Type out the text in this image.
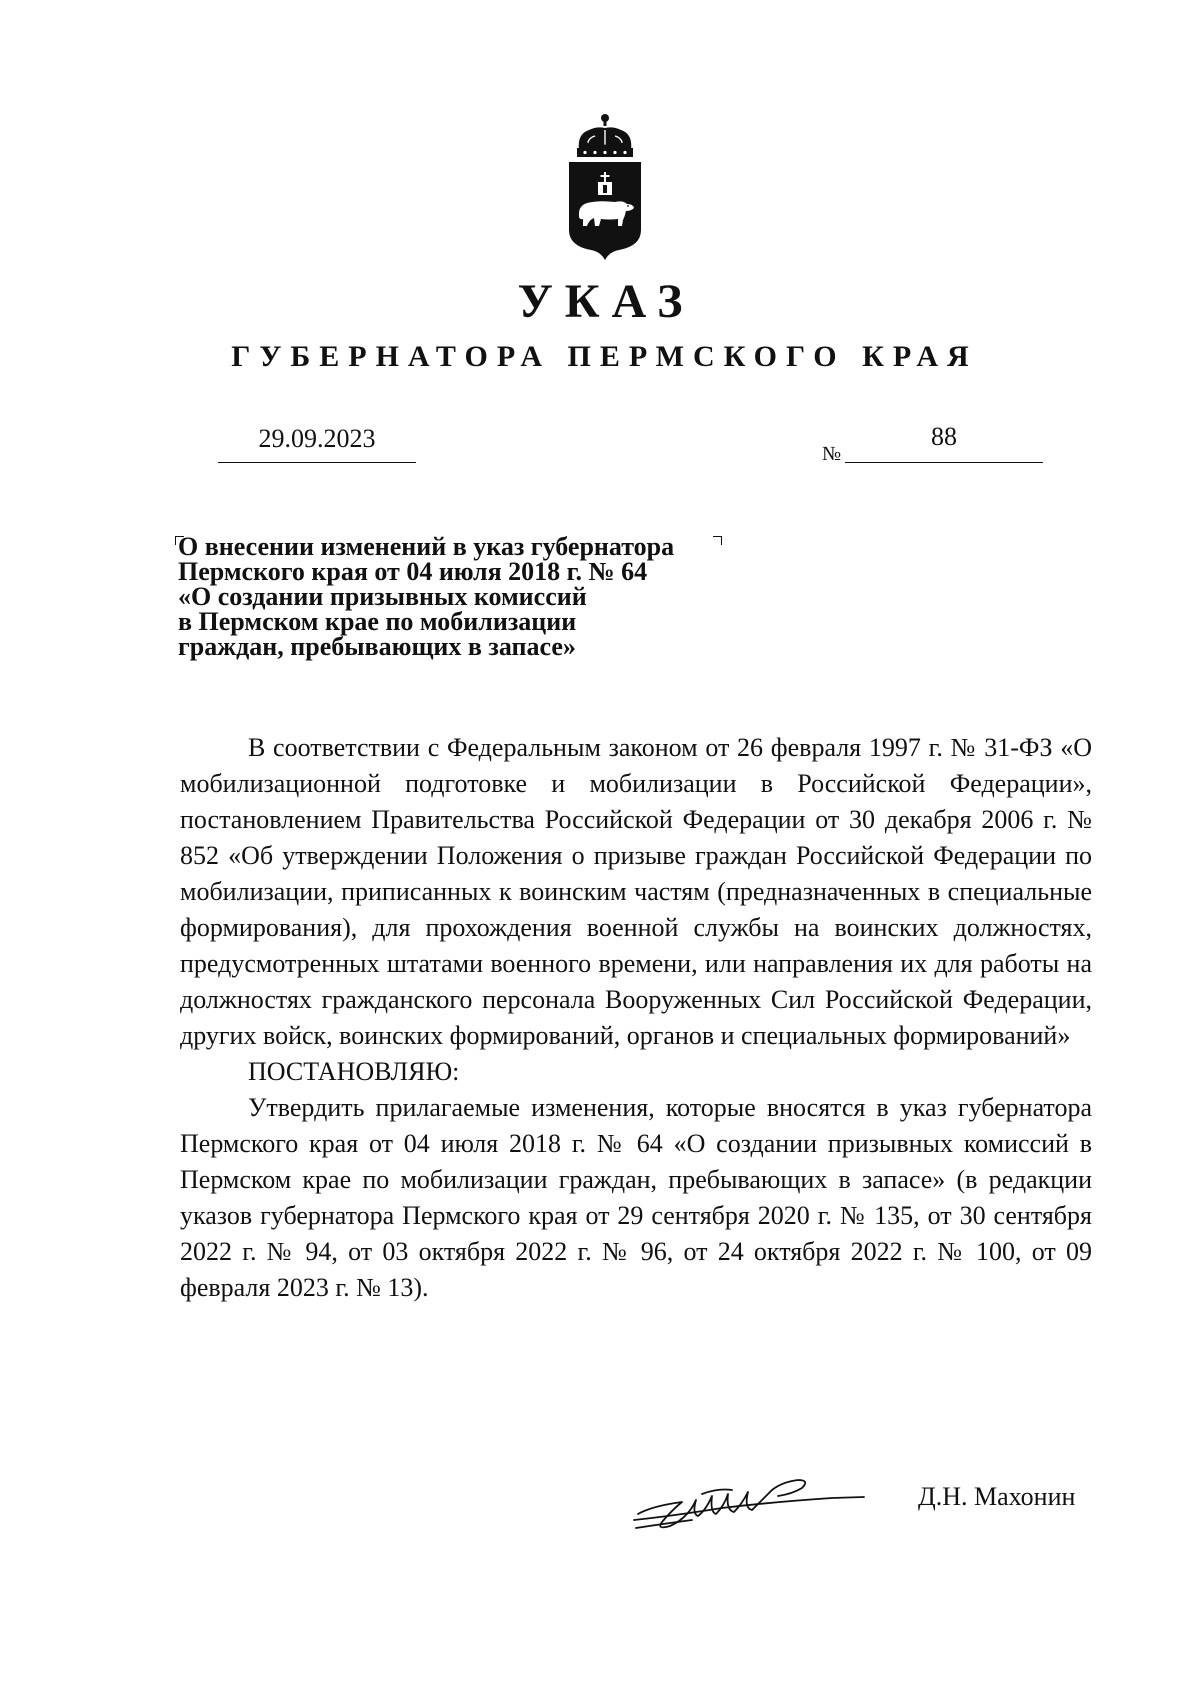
УКАЗ
ГУБЕРНАТОРА ПЕРМСКОГО КРАЯ
29.09.2023
№
88
О внесении изменений в указ губернатора
Пермского края от 04 июля 2018 г. № 64
«О создании призывных комиссий
в Пермском крае по мобилизации
граждан, пребывающих в запасе»

В соответствии с Федеральным законом от 26 февраля 1997 г. № 31-ФЗ «О мобилизационной подготовке и мобилизации в Российской Федерации», постановлением Правительства Российской Федерации от 30 декабря 2006 г. № 852 «Об утверждении Положения о призыве граждан Российской Федерации по мобилизации, приписанных к воинским частям (предназначенных в специальные формирования), для прохождения военной службы на воинских должностях, предусмотренных штатами военного времени, или направления их для работы на должностях гражданского персонала Вооруженных Сил Российской Федерации, других войск, воинских формирований, органов и специальных формирований»

ПОСТАНОВЛЯЮ:

Утвердить прилагаемые изменения, которые вносятся в указ губернатора Пермского края от 04 июля 2018 г. № 64 «О создании призывных комиссий в Пермском крае по мобилизации граждан, пребывающих в запасе» (в редакции указов губернатора Пермского края от 29 сентября 2020 г. № 135, от 30 сентября 2022 г. № 94, от 03 октября 2022 г. № 96, от 24 октября 2022 г. № 100, от 09 февраля 2023 г. № 13).

Д.Н. Махонин
